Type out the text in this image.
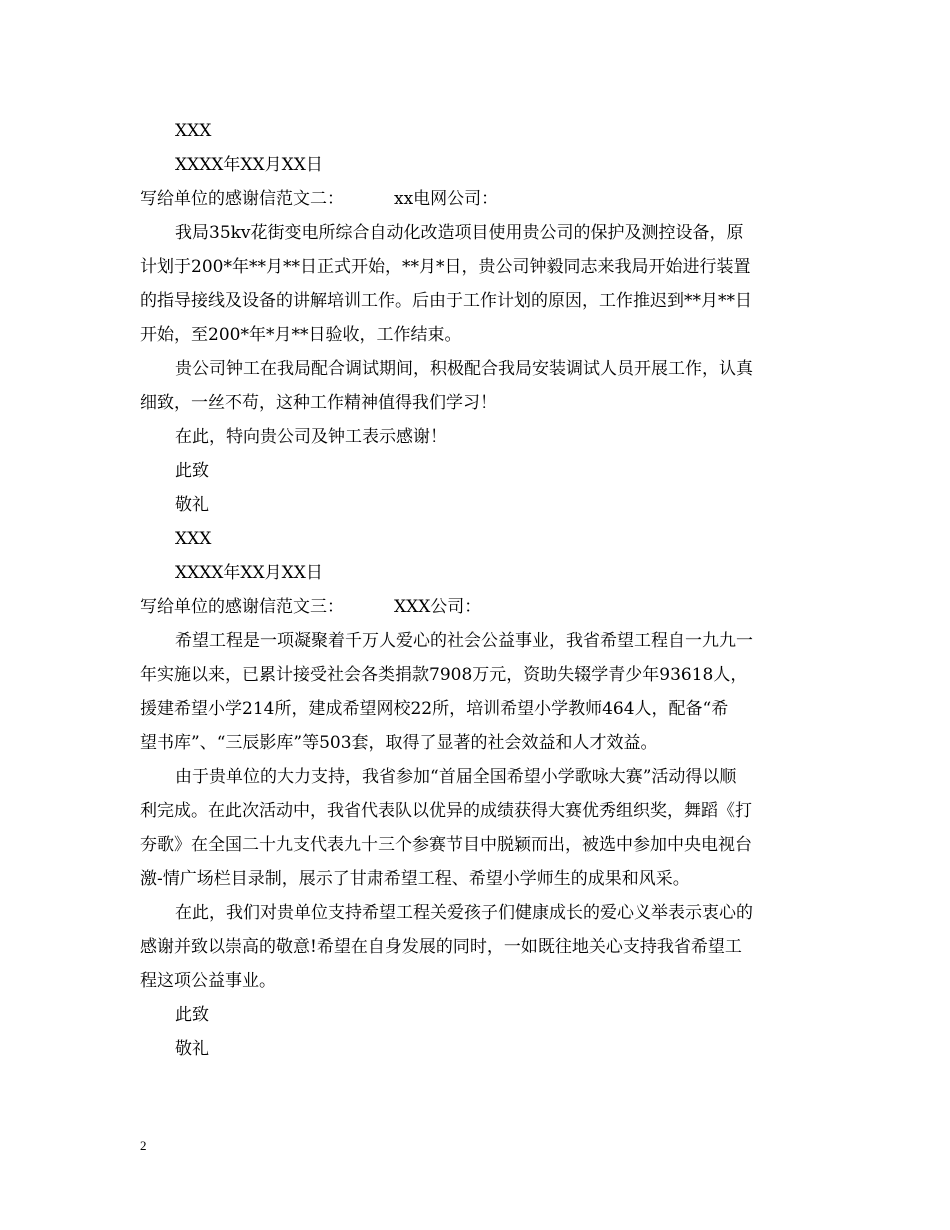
XXX
XXXX年XX月XX日
写给单位的感谢信范文二：	xx电网公司：
我局35kv花街变电所综合自动化改造项目使用贵公司的保护及测控设备，原
计划于200*年**月**日正式开始，**月*日，贵公司钟毅同志来我局开始进行装置
的指导接线及设备的讲解培训工作。后由于工作计划的原因，工作推迟到**月**日
开始，至200*年*月**日验收，工作结束。
贵公司钟工在我局配合调试期间，积极配合我局安装调试人员开展工作，认真
细致，一丝不苟，这种工作精神值得我们学习！
在此，特向贵公司及钟工表示感谢！
此致
敬礼
XXX
XXXX年XX月XX日
写给单位的感谢信范文三：	XXX公司：
希望工程是一项凝聚着千万人爱心的社会公益事业，我省希望工程自一九九一
年实施以来，已累计接受社会各类捐款7908万元，资助失辍学青少年93618人，
援建希望小学214所，建成希望网校22所，培训希望小学教师464人，配备“希
望书库”、“三辰影库”等503套，取得了显著的社会效益和人才效益。
由于贵单位的大力支持，我省参加“首届全国希望小学歌咏大赛”活动得以顺
利完成。在此次活动中，我省代表队以优异的成绩获得大赛优秀组织奖，舞蹈《打
夯歌》在全国二十九支代表九十三个参赛节目中脱颖而出，被选中参加中央电视台
激-情广场栏目录制，展示了甘肃希望工程、希望小学师生的成果和风采。
在此，我们对贵单位支持希望工程关爱孩子们健康成长的爱心义举表示衷心的
感谢并致以崇高的敬意!希望在自身发展的同时，一如既往地关心支持我省希望工
程这项公益事业。
此致
敬礼
2
